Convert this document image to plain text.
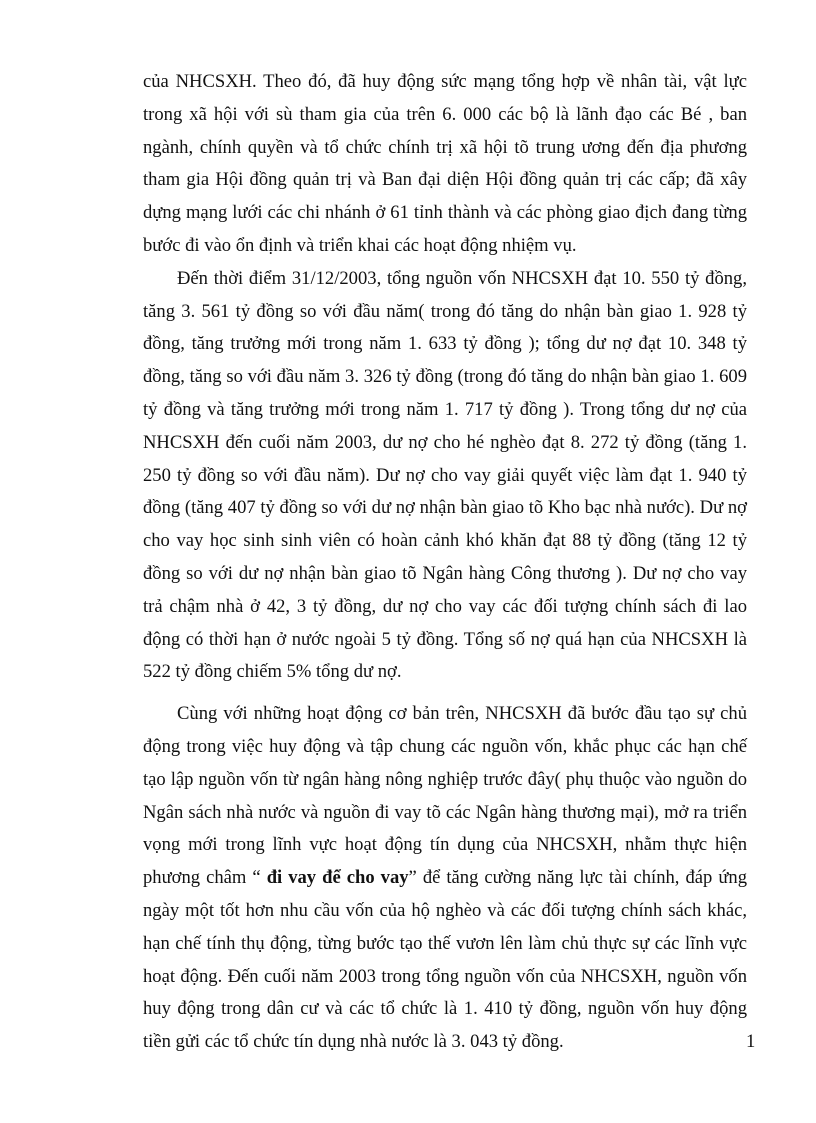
của NHCSXH. Theo đó, đã huy động sức mạng tổng hợp về nhân tài, vật lực trong xã hội với sù tham gia của trên 6. 000 các bộ là lãnh đạo các Bé , ban ngành, chính quyền và tổ chức chính trị xã hội tõ trung ương đến địa phương tham gia Hội đồng quản trị và Ban đại diện Hội đồng quản trị các cấp; đã xây dựng mạng lưới các chi nhánh ở 61 tỉnh thành và các phòng giao địch đang từng bước đi vào ổn định và triển khai các hoạt động nhiệm vụ.

Đến thời điểm 31/12/2003, tổng nguồn vốn NHCSXH đạt 10. 550 tỷ đồng, tăng 3. 561 tỷ đồng so với đầu năm( trong đó tăng do nhận bàn giao 1. 928 tỷ đồng, tăng trưởng mới trong năm 1. 633 tỷ đồng ); tổng dư nợ đạt 10. 348 tỷ đồng, tăng so với đầu năm 3. 326 tỷ đồng (trong đó tăng do nhận bàn giao 1. 609 tỷ đồng và tăng trưởng mới trong năm 1. 717 tỷ đồng ). Trong tổng dư nợ của NHCSXH đến cuối năm 2003, dư nợ cho hé nghèo đạt 8. 272 tỷ đồng (tăng 1. 250 tỷ đồng so với đầu năm). Dư nợ cho vay giải quyết việc làm đạt 1. 940 tỷ đồng (tăng 407 tỷ đồng so với dư nợ nhận bàn giao tõ Kho bạc nhà nước). Dư nợ cho vay học sinh sinh viên có hoàn cảnh khó khăn đạt 88 tỷ đồng (tăng 12 tỷ đồng so với dư nợ nhận bàn giao tõ Ngân hàng Công thương ). Dư nợ cho vay trả chậm nhà ở 42, 3 tỷ đồng, dư nợ cho vay các đối tượng chính sách đi lao động có thời hạn ở nước ngoài 5 tỷ đồng. Tổng số nợ quá hạn của NHCSXH là 522 tỷ đồng chiếm 5% tổng dư nợ.

Cùng với những hoạt động cơ bản trên, NHCSXH đã bước đầu tạo sự chủ động trong việc huy động và tập chung các nguồn vốn, khắc phục các hạn chế tạo lập nguồn vốn từ ngân hàng nông nghiệp trước đây( phụ thuộc vào nguồn do Ngân sách nhà nước và nguồn đi vay tõ các Ngân hàng thương mại), mở ra triển vọng mới trong lĩnh vực hoạt động tín dụng của NHCSXH, nhằm thực hiện phương châm “ đi vay để cho vay” để tăng cường năng lực tài chính, đáp ứng ngày một tốt hơn nhu cầu vốn của hộ nghèo và các đối tượng chính sách khác, hạn chế tính thụ động, từng bước tạo thế vươn lên làm chủ thực sự các lĩnh vực hoạt động. Đến cuối năm 2003 trong tổng nguồn vốn của NHCSXH, nguồn vốn huy động trong dân cư và các tổ chức là 1. 410 tỷ đồng, nguồn vốn huy động tiền gửi các tổ chức tín dụng nhà nước là 3. 043 tỷ đồng.	1
